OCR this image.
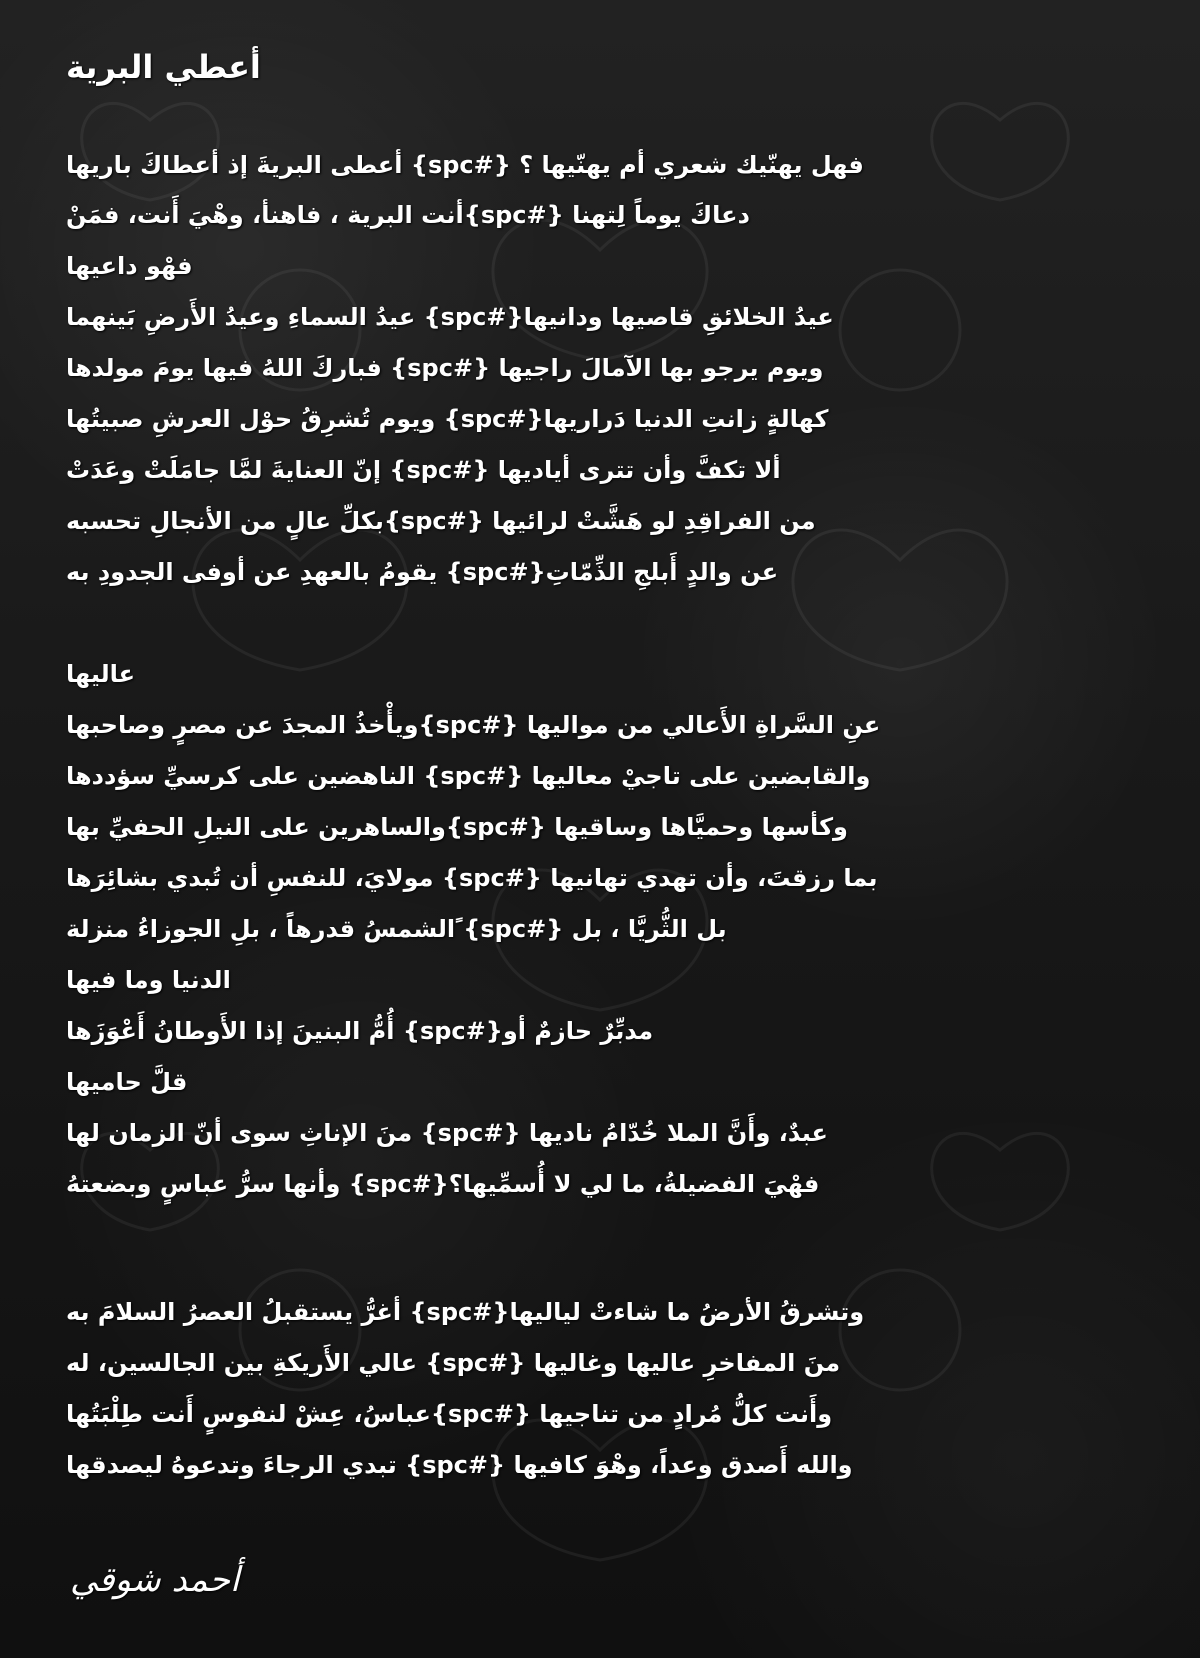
أعطي البرية
فهل يهنّيك شعري أم يهنّيها ؟ {#spc} أعطى البريةَ إذ أعطاكَ باريها
دعاكَ يوماً لِتهنا {#spc}أنت البرية ، فاهنأ، وهْيَ أَنت، فمَنْ
فهْو داعيها
عيدُ الخلائقِ قاصيها ودانيها{#spc} عيدُ السماءِ وعيدُ الأَرضِ بَينهما
ويوم يرجو بها الآمالَ راجيها {#spc} فباركَ اللهُ فيها يومَ مولدها
كهالةٍ زانتِ الدنيا دَراريها{#spc} ويوم تُشرِقُ حوْل العرشِ صبيتُها
ألا تكفَّ وأن تترى أياديها {#spc} إنّ العنايةَ لمَّا جامَلَتْ وعَدَتْ
من الفراقِدِ لو هَشَّتْ لرائيها {#spc}بكلِّ عالٍ من الأنجالِ تحسبه
عن والدٍ أَبلجِ الذِّمّاتِ{#spc} يقومُ بالعهدِ عن أوفى الجدودِ به
عاليها
عنِ السَّراةِ الأَعالي من مواليها {#spc}ويأْخذُ المجدَ عن مصرٍ وصاحبها
والقابضين على تاجيْ معاليها {#spc} الناهضين على كرسيِّ سؤددها
وكأسها وحميَّاها وساقيها {#spc}والساهرين على النيلِ الحفيِّ بها
بما رزقتَ، وأن تهدي تهانيها {#spc} مولايَ، للنفسِ أن تُبدي بشائِرَها
بل الثُّريَّا ، بل {#spc} ًالشمسُ قدرهاً ، بلِ الجوزاءُ منزلة
الدنيا وما فيها
مدبِّرٌ حازمٌ أو{#spc} أُمُّ البنينَ إذا الأَوطانُ أَعْوَزَها
قلَّ حاميها
عبدٌ، وأَنَّ الملا خُدّامُ ناديها {#spc} منَ الإناثِ سوى أنّ الزمان لها
فهْيَ الفضيلةُ، ما لي لا أُسمِّيها؟{#spc} وأنها سرُّ عباسٍ وبضعتهُ
وتشرقُ الأرضُ ما شاءتْ لياليها{#spc} أغرُّ يستقبلُ العصرُ السلامَ به
منَ المفاخرِ عاليها وغاليها {#spc} عالي الأَريكةِ بين الجالسين، له
وأَنت كلُّ مُرادٍ من تناجيها {#spc}عباسُ، عِشْ لنفوسٍ أَنت طِلْبَتُها
والله أَصدق وعداً، وهْوَ كافيها {#spc} تبدي الرجاءَ وتدعوهُ ليصدقها
أحمد شوقي
